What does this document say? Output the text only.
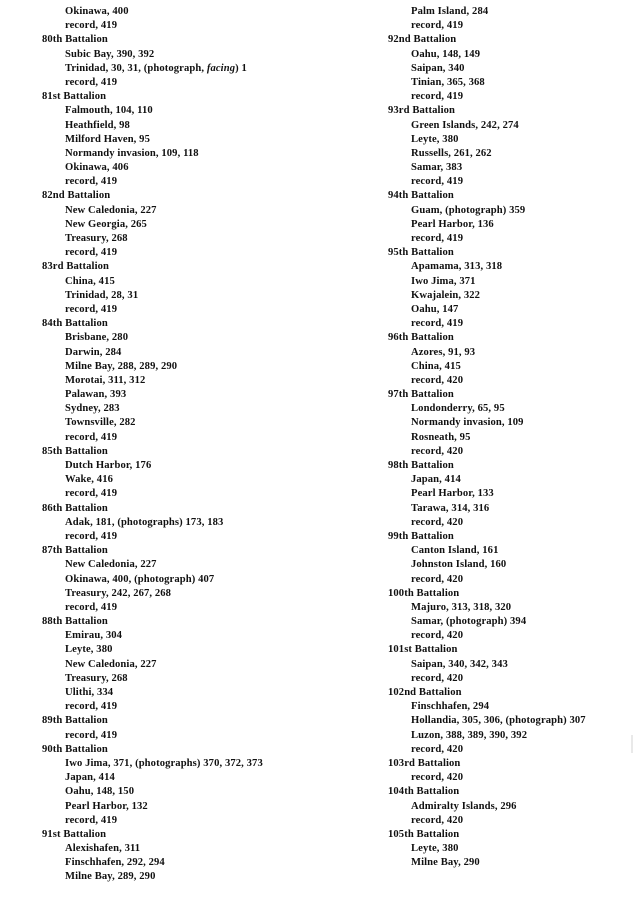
Okinawa, 400
record, 419
80th Battalion
Subic Bay, 390, 392
Trinidad, 30, 31, (photograph, facing) 1
record, 419
81st Battalion
Falmouth, 104, 110
Heathfield, 98
Milford Haven, 95
Normandy invasion, 109, 118
Okinawa, 406
record, 419
82nd Battalion
New Caledonia, 227
New Georgia, 265
Treasury, 268
record, 419
83rd Battalion
China, 415
Trinidad, 28, 31
record, 419
84th Battalion
Brisbane, 280
Darwin, 284
Milne Bay, 288, 289, 290
Morotai, 311, 312
Palawan, 393
Sydney, 283
Townsville, 282
record, 419
85th Battalion
Dutch Harbor, 176
Wake, 416
record, 419
86th Battalion
Adak, 181, (photographs) 173, 183
record, 419
87th Battalion
New Caledonia, 227
Okinawa, 400, (photograph) 407
Treasury, 242, 267, 268
record, 419
88th Battalion
Emirau, 304
Leyte, 380
New Caledonia, 227
Treasury, 268
Ulithi, 334
record, 419
89th Battalion
record, 419
90th Battalion
Iwo Jima, 371, (photographs) 370, 372, 373
Japan, 414
Oahu, 148, 150
Pearl Harbor, 132
record, 419
91st Battalion
Alexishafen, 311
Finschhafen, 292, 294
Milne Bay, 289, 290
Palm Island, 284
record, 419
92nd Battalion
Oahu, 148, 149
Saipan, 340
Tinian, 365, 368
record, 419
93rd Battalion
Green Islands, 242, 274
Leyte, 380
Russells, 261, 262
Samar, 383
record, 419
94th Battalion
Guam, (photograph) 359
Pearl Harbor, 136
record, 419
95th Battalion
Apamama, 313, 318
Iwo Jima, 371
Kwajalein, 322
Oahu, 147
record, 419
96th Battalion
Azores, 91, 93
China, 415
record, 420
97th Battalion
Londonderry, 65, 95
Normandy invasion, 109
Rosneath, 95
record, 420
98th Battalion
Japan, 414
Pearl Harbor, 133
Tarawa, 314, 316
record, 420
99th Battalion
Canton Island, 161
Johnston Island, 160
record, 420
100th Battalion
Majuro, 313, 318, 320
Samar, (photograph) 394
record, 420
101st Battalion
Saipan, 340, 342, 343
record, 420
102nd Battalion
Finschhafen, 294
Hollandia, 305, 306, (photograph) 307
Luzon, 388, 389, 390, 392
record, 420
103rd Battalion
record, 420
104th Battalion
Admiralty Islands, 296
record, 420
105th Battalion
Leyte, 380
Milne Bay, 290
